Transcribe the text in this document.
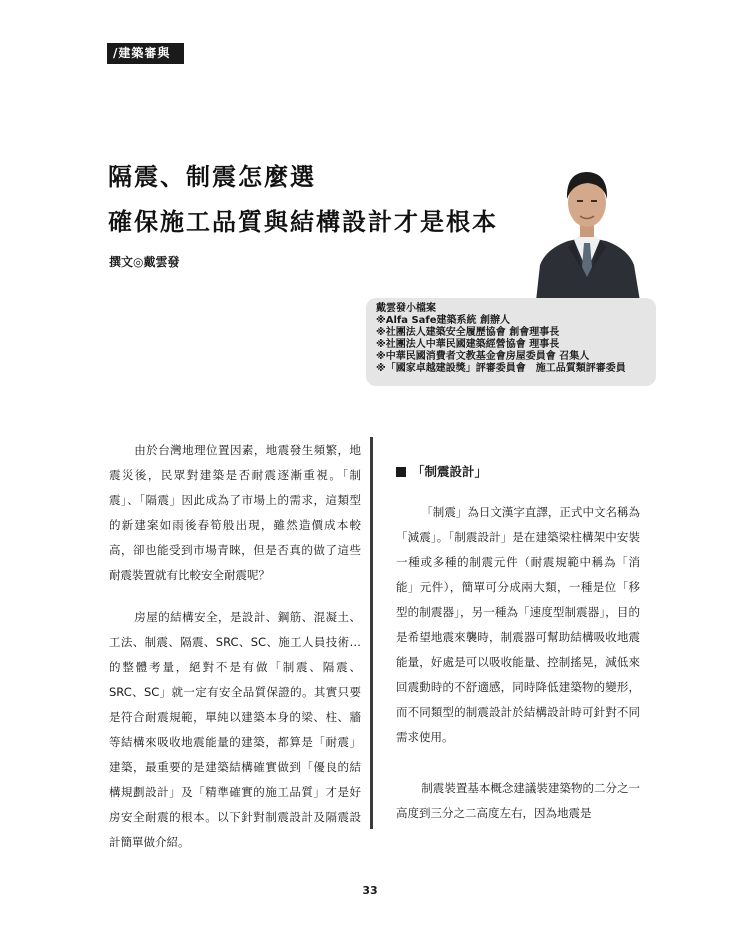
/建築審與
隔震、制震怎麼選
確保施工品質與結構設計才是根本
撰文◎戴雲發
戴雲發小檔案
※Alfa Safe建築系統 創辦人
※社團法人建築安全履歷協會 創會理事長
※社團法人中華民國建築經營協會 理事長
※中華民國消費者文教基金會房屋委員會 召集人
※「國家卓越建設獎」評審委員會　施工品質類評審委員

由於台灣地理位置因素，地震發生頻繁，地震災後，民眾對建築是否耐震逐漸重視。「制震」、「隔震」因此成為了市場上的需求，這類型的新建案如雨後春筍般出現，雖然造價成本較高，卻也能受到市場青睞，但是否真的做了這些耐震裝置就有比較安全耐震呢？

房屋的結構安全，是設計、鋼筋、混凝土、工法、制震、隔震、SRC、SC、施工人員技術…的整體考量，絕對不是有做「制震、隔震、SRC、SC」就一定有安全品質保證的。其實只要是符合耐震規範，單純以建築本身的梁、柱、牆等結構來吸收地震能量的建築，都算是「耐震」建築，最重要的是建築結構確實做到「優良的結構規劃設計」及「精準確實的施工品質」才是好房安全耐震的根本。以下針對制震設計及隔震設計簡單做介紹。

「制震設計」

「制震」為日文漢字直譯，正式中文名稱為「減震」。「制震設計」是在建築梁柱構架中安裝一種或多種的制震元件（耐震規範中稱為「消能」元件），簡單可分成兩大類，一種是位「移型的制震器」，另一種為「速度型制震器」，目的是希望地震來襲時，制震器可幫助結構吸收地震能量，好處是可以吸收能量、控制搖晃，減低來回震動時的不舒適感，同時降低建築物的變形，而不同類型的制震設計於結構設計時可針對不同需求使用。

制震裝置基本概念建議裝建築物的二分之一高度到三分之二高度左右，因為地震是

33
